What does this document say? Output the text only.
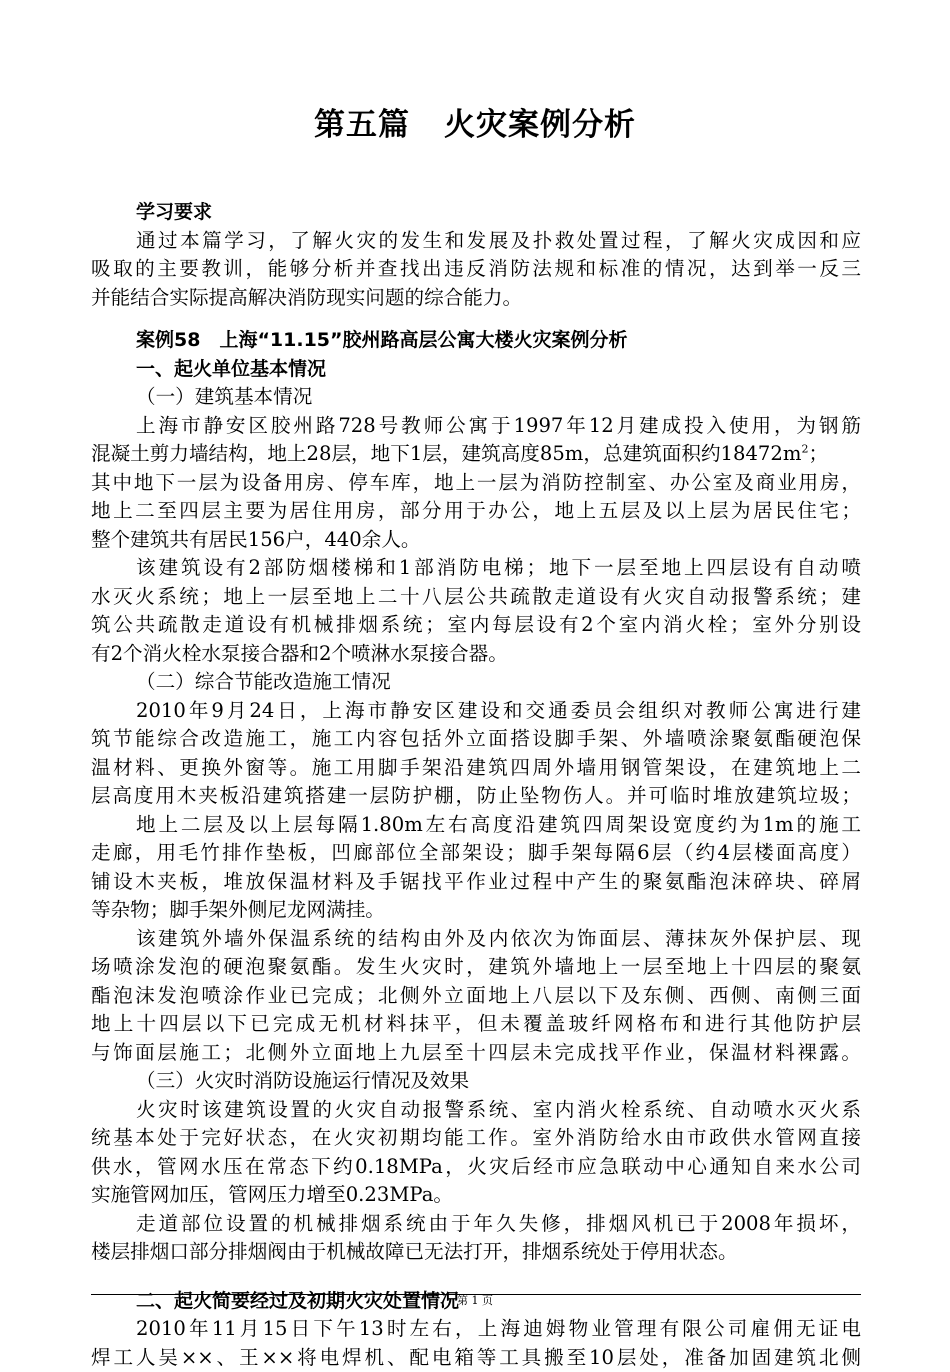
第五篇 火灾案例分析
学习要求
通过本篇学习，了解火灾的发生和发展及扑救处置过程，了解火灾成因和应
吸取的主要教训，能够分析并查找出违反消防法规和标准的情况，达到举一反三
并能结合实际提高解决消防现实问题的综合能力。
案例58　上海“11.15”胶州路高层公寓大楼火灾案例分析
一、起火单位基本情况
（一）建筑基本情况
上海市静安区胶州路728号教师公寓于1997年12月建成投入使用，为钢筋
混凝土剪力墙结构，地上28层，地下1层，建筑高度85m，总建筑面积约$18472m^2$；
其中地下一层为设备用房、停车库，地上一层为消防控制室、办公室及商业用房，
地上二至四层主要为居住用房，部分用于办公，地上五层及以上层为居民住宅；
整个建筑共有居民156户，440余人。
该建筑设有2部防烟楼梯和1部消防电梯；地下一层至地上四层设有自动喷
水灭火系统；地上一层至地上二十八层公共疏散走道设有火灾自动报警系统；建
筑公共疏散走道设有机械排烟系统；室内每层设有2个室内消火栓；室外分别设
有2个消火栓水泵接合器和2个喷淋水泵接合器。
（二）综合节能改造施工情况
2010年9月24日，上海市静安区建设和交通委员会组织对教师公寓进行建
筑节能综合改造施工，施工内容包括外立面搭设脚手架、外墙喷涂聚氨酯硬泡保
温材料、更换外窗等。施工用脚手架沿建筑四周外墙用钢管架设，在建筑地上二
层高度用木夹板沿建筑搭建一层防护棚，防止坠物伤人。并可临时堆放建筑垃圾；
地上二层及以上层每隔1.80m左右高度沿建筑四周架设宽度约为1m的施工
走廊，用毛竹排作垫板，凹廊部位全部架设；脚手架每隔6层（约4层楼面高度）
铺设木夹板，堆放保温材料及手锯找平作业过程中产生的聚氨酯泡沫碎块、碎屑
等杂物；脚手架外侧尼龙网满挂。
该建筑外墙外保温系统的结构由外及内依次为饰面层、薄抹灰外保护层、现
场喷涂发泡的硬泡聚氨酯。发生火灾时，建筑外墙地上一层至地上十四层的聚氨
酯泡沫发泡喷涂作业已完成；北侧外立面地上八层以下及东侧、西侧、南侧三面
地上十四层以下已完成无机材料抹平，但未覆盖玻纤网格布和进行其他防护层
与饰面层施工；北侧外立面地上九层至十四层未完成找平作业，保温材料裸露。
（三）火灾时消防设施运行情况及效果
火灾时该建筑设置的火灾自动报警系统、室内消火栓系统、自动喷水灭火系
统基本处于完好状态，在火灾初期均能工作。室外消防给水由市政供水管网直接
供水，管网水压在常态下约0.18MPa，火灾后经市应急联动中心通知自来水公司
实施管网加压，管网压力增至0.23MPa。
走道部位设置的机械排烟系统由于年久失修，排烟风机已于2008年损坏，
楼层排烟口部分排烟阀由于机械故障已无法打开，排烟系统处于停用状态。
二、起火简要经过及初期火灾处置情况
2010年11月15日下午13时左右，上海迪姆物业管理有限公司雇佣无证电
焊工人吴××、王××将电焊机、配电箱等工具搬至10层处，准备加固建筑北侧
第 1 页
